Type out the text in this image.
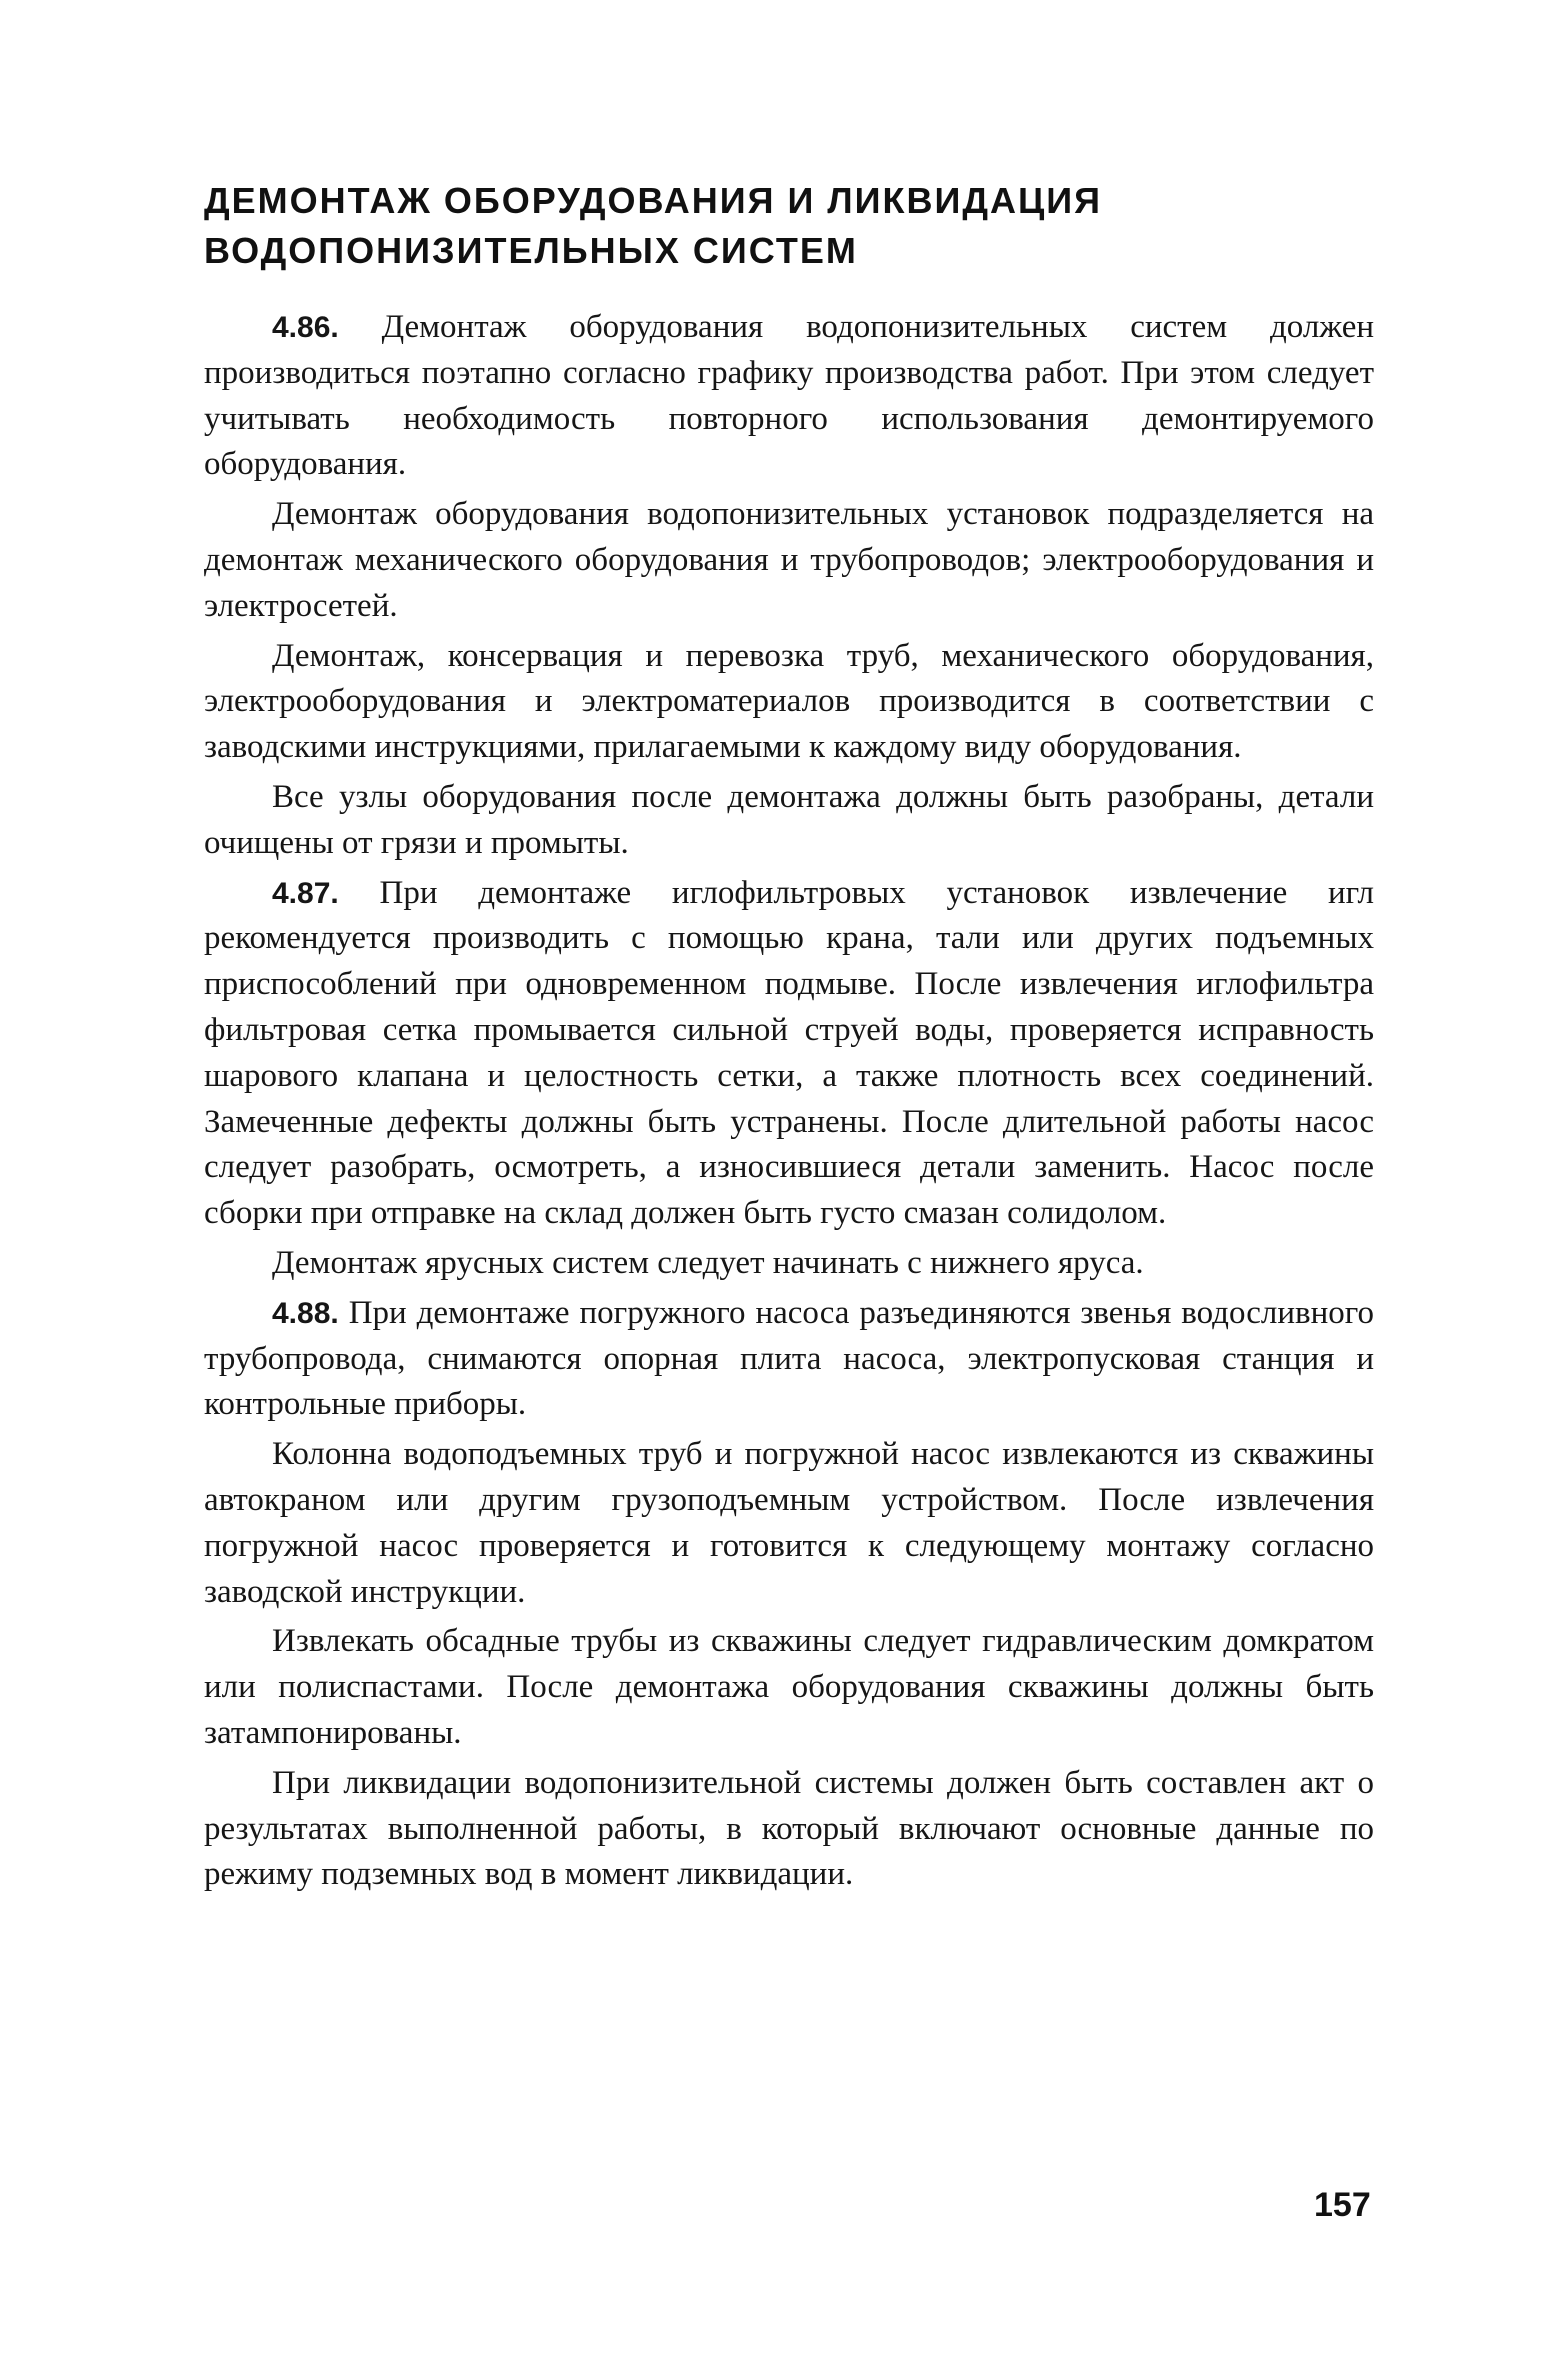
ДЕМОНТАЖ ОБОРУДОВАНИЯ И ЛИКВИДАЦИЯ
ВОДОПОНИЗИТЕЛЬНЫХ СИСТЕМ

4.86. Демонтаж оборудования водопонизительных систем должен производиться поэтапно согласно графику производства работ. При этом следует учитывать необходимость повторного использования демонтируемого оборудования.

Демонтаж оборудования водопонизительных установок подразделяется на демонтаж механического оборудования и трубопроводов; электрооборудования и электросетей.

Демонтаж, консервация и перевозка труб, механического оборудования, электрооборудования и электроматериалов производится в соответствии с заводскими инструкциями, прилагаемыми к каждому виду оборудования.

Все узлы оборудования после демонтажа должны быть разобраны, детали очищены от грязи и промыты.

4.87. При демонтаже иглофильтровых установок извлечение игл рекомендуется производить с помощью крана, тали или других подъемных приспособлений при одновременном подмыве. После извлечения иглофильтра фильтровая сетка промывается сильной струей воды, проверяется исправность шарового клапана и целостность сетки, а также плотность всех соединений. Замеченные дефекты должны быть устранены. После длительной работы насос следует разобрать, осмотреть, а износившиеся детали заменить. Насос после сборки при отправке на склад должен быть густо смазан солидолом.

Демонтаж ярусных систем следует начинать с нижнего яруса.

4.88. При демонтаже погружного насоса разъединяются звенья водосливного трубопровода, снимаются опорная плита насоса, электропусковая станция и контрольные приборы.

Колонна водоподъемных труб и погружной насос извлекаются из скважины автокраном или другим грузоподъемным устройством. После извлечения погружной насос проверяется и готовится к следующему монтажу согласно заводской инструкции.

Извлекать обсадные трубы из скважины следует гидравлическим домкратом или полиспастами. После демонтажа оборудования скважины должны быть затампонированы.

При ликвидации водопонизительной системы должен быть составлен акт о результатах выполненной работы, в который включают основные данные по режиму подземных вод в момент ликвидации.

157
